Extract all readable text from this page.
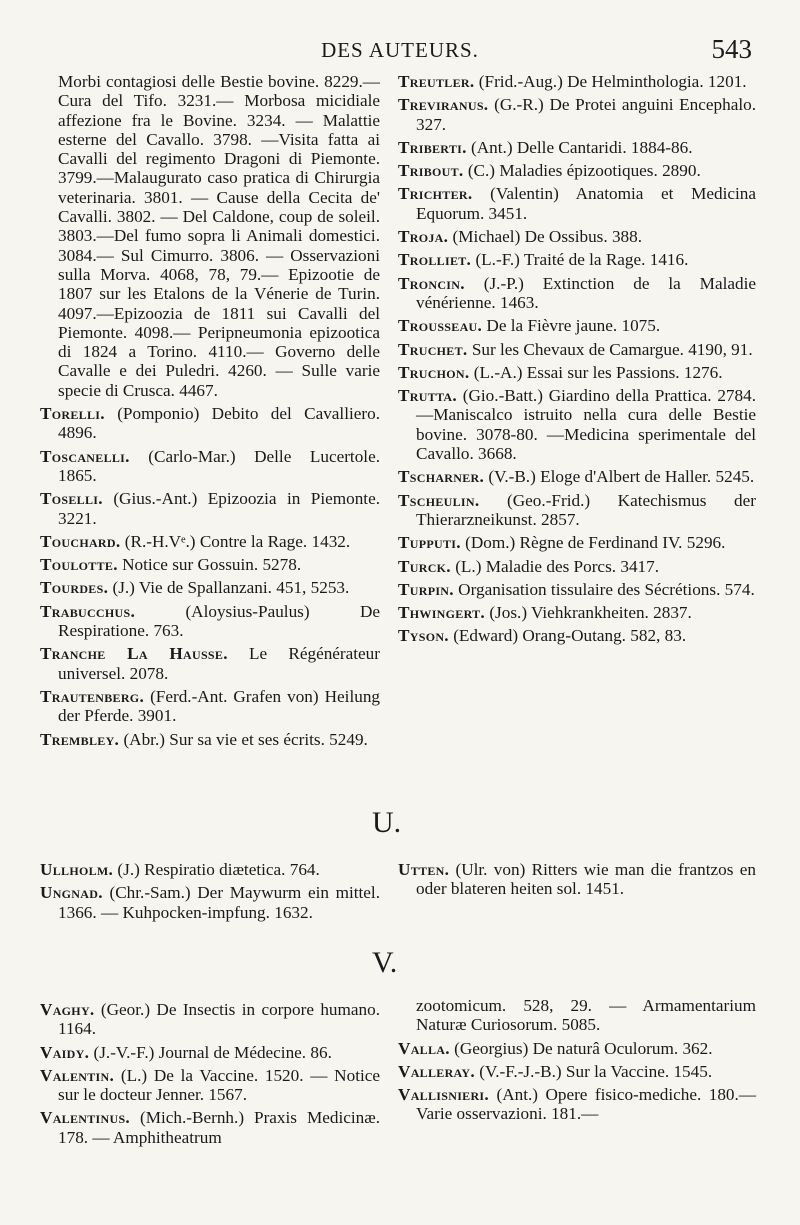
DES AUTEURS.	543

Morbi contagiosi delle Bestie bovine. 8229.—Cura del Tifo. 3231.— Morbosa micidiale affezione fra le Bovine. 3234. — Malattie esterne del Cavallo. 3798. —Visita fatta ai Cavalli del regimento Dragoni di Piemonte. 3799.—Malaugurato caso pratica di Chirurgia veterinaria. 3801. — Cause della Cecita de' Cavalli. 3802. — Del Caldone, coup de soleil. 3803.—Del fumo sopra li Animali domestici. 3084.— Sul Cimurro. 3806. — Osservazioni sulla Morva. 4068, 78, 79.— Epizootie de 1807 sur les Etalons de la Vénerie de Turin. 4097.—Epizoozia de 1811 sui Cavalli del Piemonte. 4098.— Peripneumonia epizootica di 1824 a Torino. 4110.— Governo delle Cavalle e dei Puledri. 4260. — Sulle varie specie di Crusca. 4467.

Torelli. (Pomponio) Debito del Cavalliero. 4896.

Toscanelli. (Carlo-Mar.) Delle Lucertole. 1865.

Toselli. (Gius.-Ant.) Epizoozia in Piemonte. 3221.

Touchard. (R.-H.Vᵉ.) Contre la Rage. 1432.

Toulotte. Notice sur Gossuin. 5278.

Tourdes. (J.) Vie de Spallanzani. 451, 5253.

Trabucchus.	(Aloysius-Paulus) De Respiratione. 763.

Tranche La Hausse. Le Régénérateur universel. 2078.

Trautenberg. (Ferd.-Ant. Grafen von) Heilung der Pferde. 3901.

Trembley. (Abr.) Sur sa vie et ses écrits. 5249.

Treutler. (Frid.-Aug.) De Helminthologia. 1201.

Treviranus. (G.-R.) De Protei anguini Encephalo. 327.

Triberti. (Ant.) Delle Cantaridi. 1884-86.

Tribout. (C.) Maladies épizootiques. 2890.

Trichter. (Valentin) Anatomia et Medicina Equorum. 3451.

Troja. (Michael) De Ossibus. 388.

Trolliet. (L.-F.) Traité de la Rage. 1416.

Troncin. (J.-P.) Extinction de la Maladie vénérienne. 1463.

Trousseau. De la Fièvre jaune. 1075.

Truchet. Sur les Chevaux de Camargue. 4190, 91.

Truchon. (L.-A.) Essai sur les Passions. 1276.

Trutta. (Gio.-Batt.) Giardino della Prattica. 2784.—Maniscalco istruito nella cura delle Bestie bovine. 3078-80. —Medicina sperimentale del Cavallo. 3668.

Tscharner. (V.-B.) Eloge d'Albert de Haller. 5245.

Tscheulin. (Geo.-Frid.) Katechismus der Thierarzneikunst. 2857.

Tupputi. (Dom.) Règne de Ferdinand IV. 5296.

Turck. (L.) Maladie des Porcs. 3417.

Turpin. Organisation tissulaire des Sécrétions. 574.

Thwingert. (Jos.) Viehkrankheiten. 2837.

Tyson. (Edward) Orang-Outang. 582, 83.

U.

Ullholm. (J.) Respiratio diætetica. 764.

Ungnad. (Chr.-Sam.) Der Maywurm ein mittel. 1366. — Kuhpocken-impfung. 1632.

Utten. (Ulr. von) Ritters wie man die frantzos en oder blateren heiten sol. 1451.

V.

Vaghy. (Geor.) De Insectis in corpore humano. 1164.

Vaidy. (J.-V.-F.) Journal de Médecine. 86.

Valentin. (L.) De la Vaccine. 1520. — Notice sur le docteur Jenner. 1567.

Valentinus. (Mich.-Bernh.) Praxis Medicinæ. 178. — Amphitheatrum

zootomicum. 528, 29. — Armamentarium Naturæ Curiosorum. 5085.

Valla. (Georgius) De naturâ Oculorum. 362.

Valleray. (V.-F.-J.-B.) Sur la Vaccine. 1545.

Vallisnieri. (Ant.) Opere fisico-mediche. 180.—Varie osservazioni. 181.—
